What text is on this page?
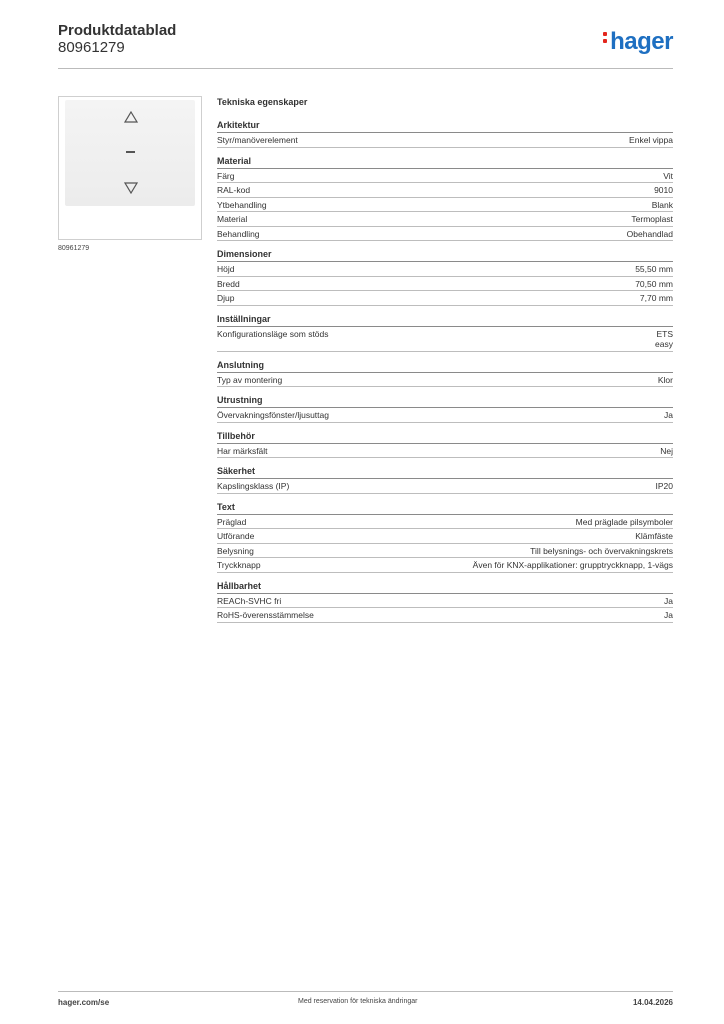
Produktdatablad
80961279	hager
80961279
Tekniska egenskaper
Arkitektur
Styr/manöverelement	Enkel vippa
Material
Färg	Vit
RAL-kod	9010
Ytbehandling	Blank
Material	Termoplast
Behandling	Obehandlad
Dimensioner
Höjd	55,50 mm
Bredd	70,50 mm
Djup	7,70 mm
Inställningar
Konfigurationsläge som stöds	ETS
easy
Anslutning
Typ av montering	Klor
Utrustning
Övervakningsfönster/ljusuttag	Ja
Tillbehör
Har märksfält	Nej
Säkerhet
Kapslingsklass (IP)	IP20
Text
Präglad	Med präglade pilsymboler
Utförande	Klämfäste
Belysning	Till belysnings- och övervakningskrets
Tryckknapp	Även för KNX-applikationer: grupptryckknapp, 1-vägs
Hållbarhet
REACh-SVHC fri	Ja
RoHS-överensstämmelse	Ja
hager.com/se	Med reservation för tekniska ändringar	14.04.2026
